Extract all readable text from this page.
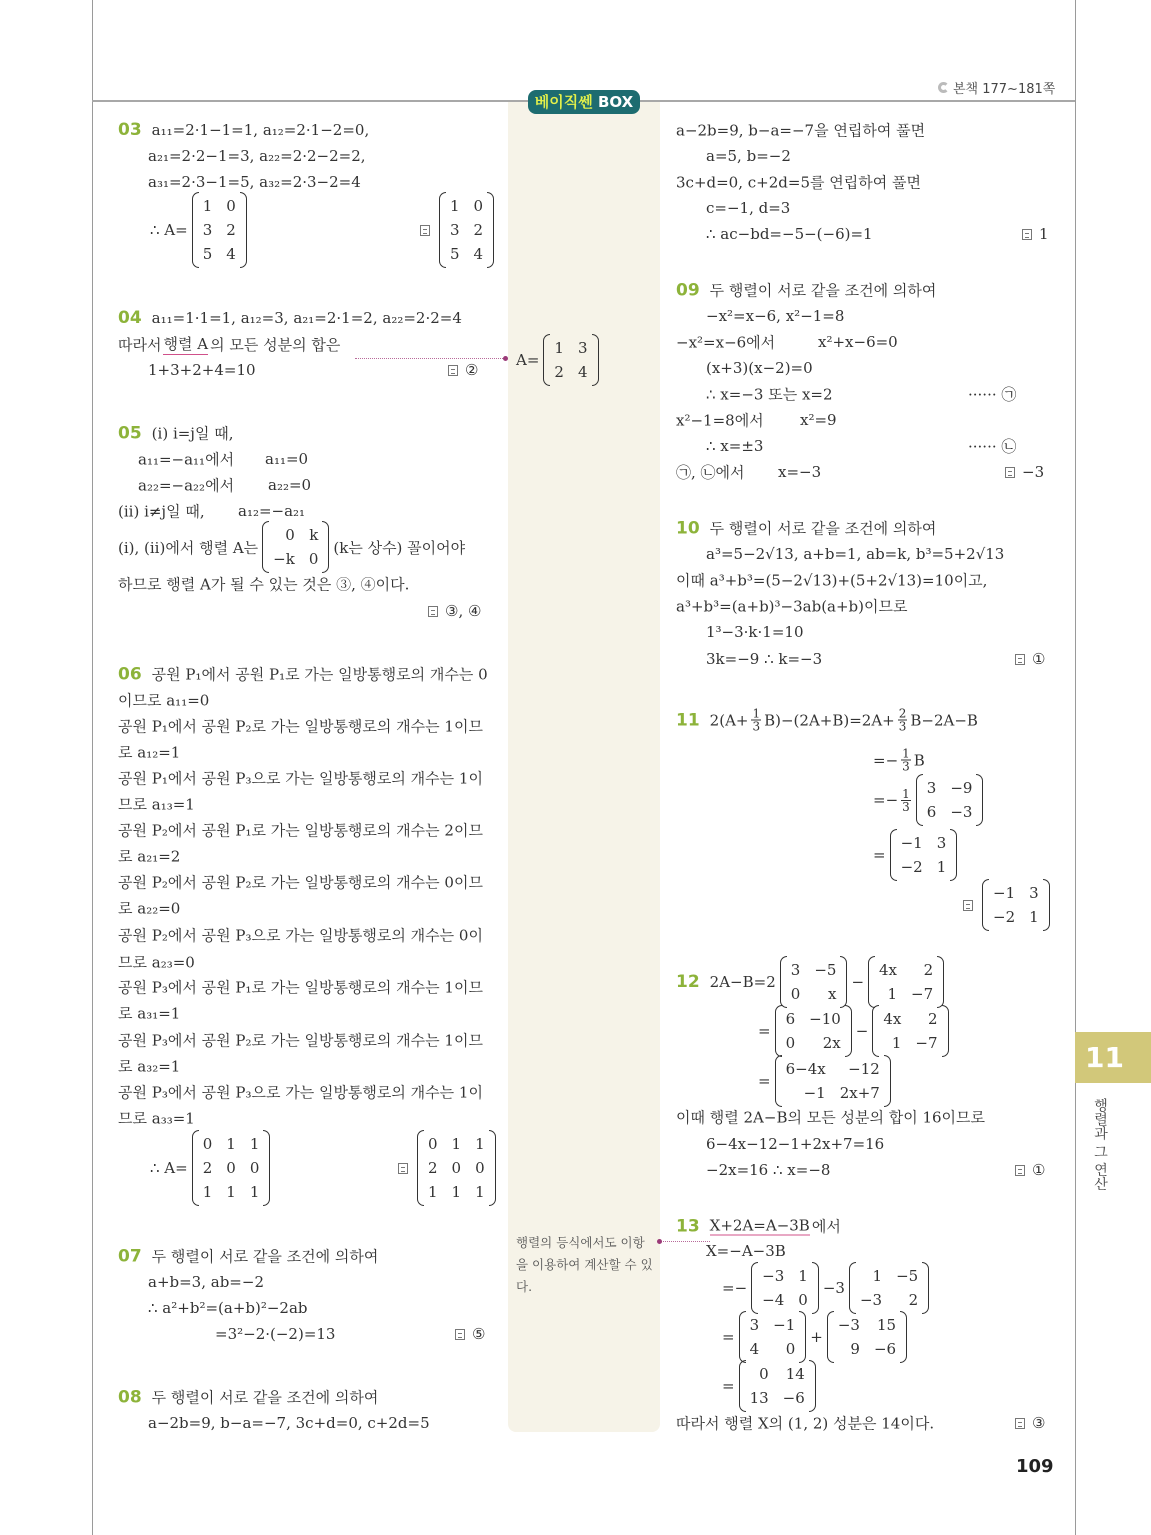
베이직쎈 BOX
본책 177~181쪽
행렬의 등식에서도 이항을 이용하여 계산할 수 있다.
11
행렬과 그 연산
109
03 a₁₁=2·1−1=1, a₁₂=2·1−2=0,
a₂₁=2·2−1=3, a₂₂=2·2−2=2,
a₃₁=2·3−1=5, a₃₂=2·3−2=4
∴ A=
1 0
3 2
5 4
1 0
3 2
5 4
04 a₁₁=1·1=1, a₁₂=3, a₂₁=2·1=2, a₂₂=2·2=4
따라서 행렬 A 의 모든 성분의 합은
1+3+2+4=10	②
A=
1 3
2 4
05 (i) i=j일 때,
a₁₁=−a₁₁에서 a₁₁=0
a₂₂=−a₂₂에서 a₂₂=0
(ii) i≠j일 때, a₁₂=−a₂₁
(i), (ii)에서 행렬 A는
0 k
−k 0
(k는 상수) 꼴이어야
하므로 행렬 A가 될 수 있는 것은 ③, ④이다.
③, ④
06 공원 P₁에서 공원 P₁로 가는 일방통행로의 개수는 0
이므로 a₁₁=0
공원 P₁에서 공원 P₂로 가는 일방통행로의 개수는 1이므
로 a₁₂=1
공원 P₁에서 공원 P₃으로 가는 일방통행로의 개수는 1이
므로 a₁₃=1
공원 P₂에서 공원 P₁로 가는 일방통행로의 개수는 2이므
로 a₂₁=2
공원 P₂에서 공원 P₂로 가는 일방통행로의 개수는 0이므
로 a₂₂=0
공원 P₂에서 공원 P₃으로 가는 일방통행로의 개수는 0이
므로 a₂₃=0
공원 P₃에서 공원 P₁로 가는 일방통행로의 개수는 1이므
로 a₃₁=1
공원 P₃에서 공원 P₂로 가는 일방통행로의 개수는 1이므
로 a₃₂=1
공원 P₃에서 공원 P₃으로 가는 일방통행로의 개수는 1이
므로 a₃₃=1
∴ A=
0 1 1
2 0 0
1 1 1
0 1 1
2 0 0
1 1 1
07 두 행렬이 서로 같을 조건에 의하여
a+b=3, ab=−2
∴ a²+b²=(a+b)²−2ab
=3²−2·(−2)=13	⑤
08 두 행렬이 서로 같을 조건에 의하여
a−2b=9, b−a=−7, 3c+d=0, c+2d=5
a−2b=9, b−a=−7을 연립하여 풀면
a=5, b=−2
3c+d=0, c+2d=5를 연립하여 풀면
c=−1, d=3
∴ ac−bd=−5−(−6)=1	1
09 두 행렬이 서로 같을 조건에 의하여
−x²=x−6, x²−1=8
−x²=x−6에서	x²+x−6=0
(x+3)(x−2)=0
∴ x=−3 또는 x=2	······ ㉠
x²−1=8에서 x²=9
∴ x=±3	······ ㉡
㉠, ㉡에서 x=−3	−3
10 두 행렬이 서로 같을 조건에 의하여
a³=5−2√13, a+b=1, ab=k, b³=5+2√13
이때 a³+b³=(5−2√13)+(5+2√13)=10이고,
a³+b³=(a+b)³−3ab(a+b)이므로
1³−3·k·1=10
3k=−9 ∴ k=−3	①
11 $2(A+ \frac{1}{3} B)-(2A+B)=2A+ \frac{2}{3} B-2A-B$
=− $\frac{1}{3}$ B
=− $\frac{1}{3} 3 -9$
6 −3
=
−1 3
−2 1
−1 3
−2 1
12 2A−B=2
3 −5
0	x
−
4x	2
1 −7
=
6 −10
0	2x
−
4x	2
1 −7
=
6−4x	−12
−1 2x+7
이때 행렬 2A−B의 모든 성분의 합이 16이므로
6−4x−12−1+2x+7=16
−2x=16 ∴ x=−8	①
13 X+2A=A−3B 에서
X=−A−3B
=−
−3 1
−4 0
−3
1 −5
−3	2
=
3 −1
4	0
+
−3 15
9 −6
=
0 14
13 −6
따라서 행렬 X의 (1, 2) 성분은 14이다.	③
